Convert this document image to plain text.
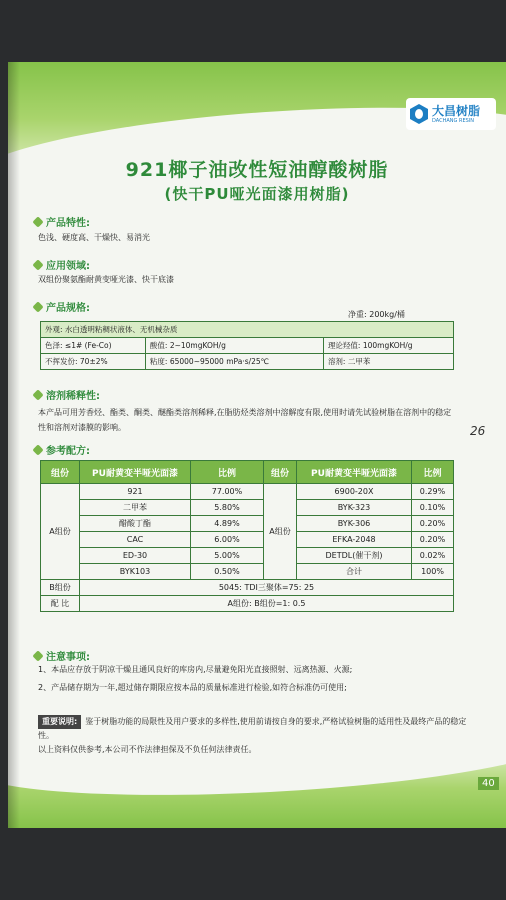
大昌树脂
DACHANG RESIN
921椰子油改性短油醇酸树脂
(快干PU哑光面漆用树脂)
产品特性:
色浅、硬度高、干燥快、易消光
应用领域:
双组份聚氨酯耐黄变哑光漆、快干底漆
产品规格:
净重: 200kg/桶
外观: 水白透明粘稠状液体、无机械杂质		
色泽: ≤1# (Fe-Co)	酸值: 2~10mgKOH/g	理论羟值: 100mgKOH/g
不挥发份: 70±2%	粘度: 65000~95000 mPa·s/25℃	溶剂: 二甲苯
溶剂稀释性:
本产品可用芳香烃、酯类、酮类、醚酯类溶剂稀释,在脂肪烃类溶剂中溶解度有限,使用时请先试验树脂在溶剂中的稳定性和溶剂对漆膜的影响。	26
参考配方:
组份	PU耐黄变半哑光面漆	比例	组份	PU耐黄变半哑光面漆	比例
A组份	921	77.00%	A组份	6900-20X	0.29%
	二甲苯	5.80%		BYK-323	0.10%
	醋酸丁酯	4.89%		BYK-306	0.20%
	CAC	6.00%		EFKA-2048	0.20%
	ED-30	5.00%		DETDL(催干剂)	0.02%
	BYK103	0.50%		合计	100%
B组份	5045: TDI三聚体=75: 25				
配 比	A组份: B组份=1: 0.5				
注意事项:
1、本品应存放于阴凉干燥且通风良好的库房内,尽量避免阳光直接照射、远离热源、火源;
2、产品储存期为一年,超过储存期限应按本品的质量标准进行检验,如符合标准仍可使用;
重要说明: 鉴于树脂功能的局限性及用户要求的多样性,使用前请按自身的要求,严格试验树脂的适用性及最终产品的稳定性。
以上资料仅供参考,本公司不作法律担保及不负任何法律责任。
40
